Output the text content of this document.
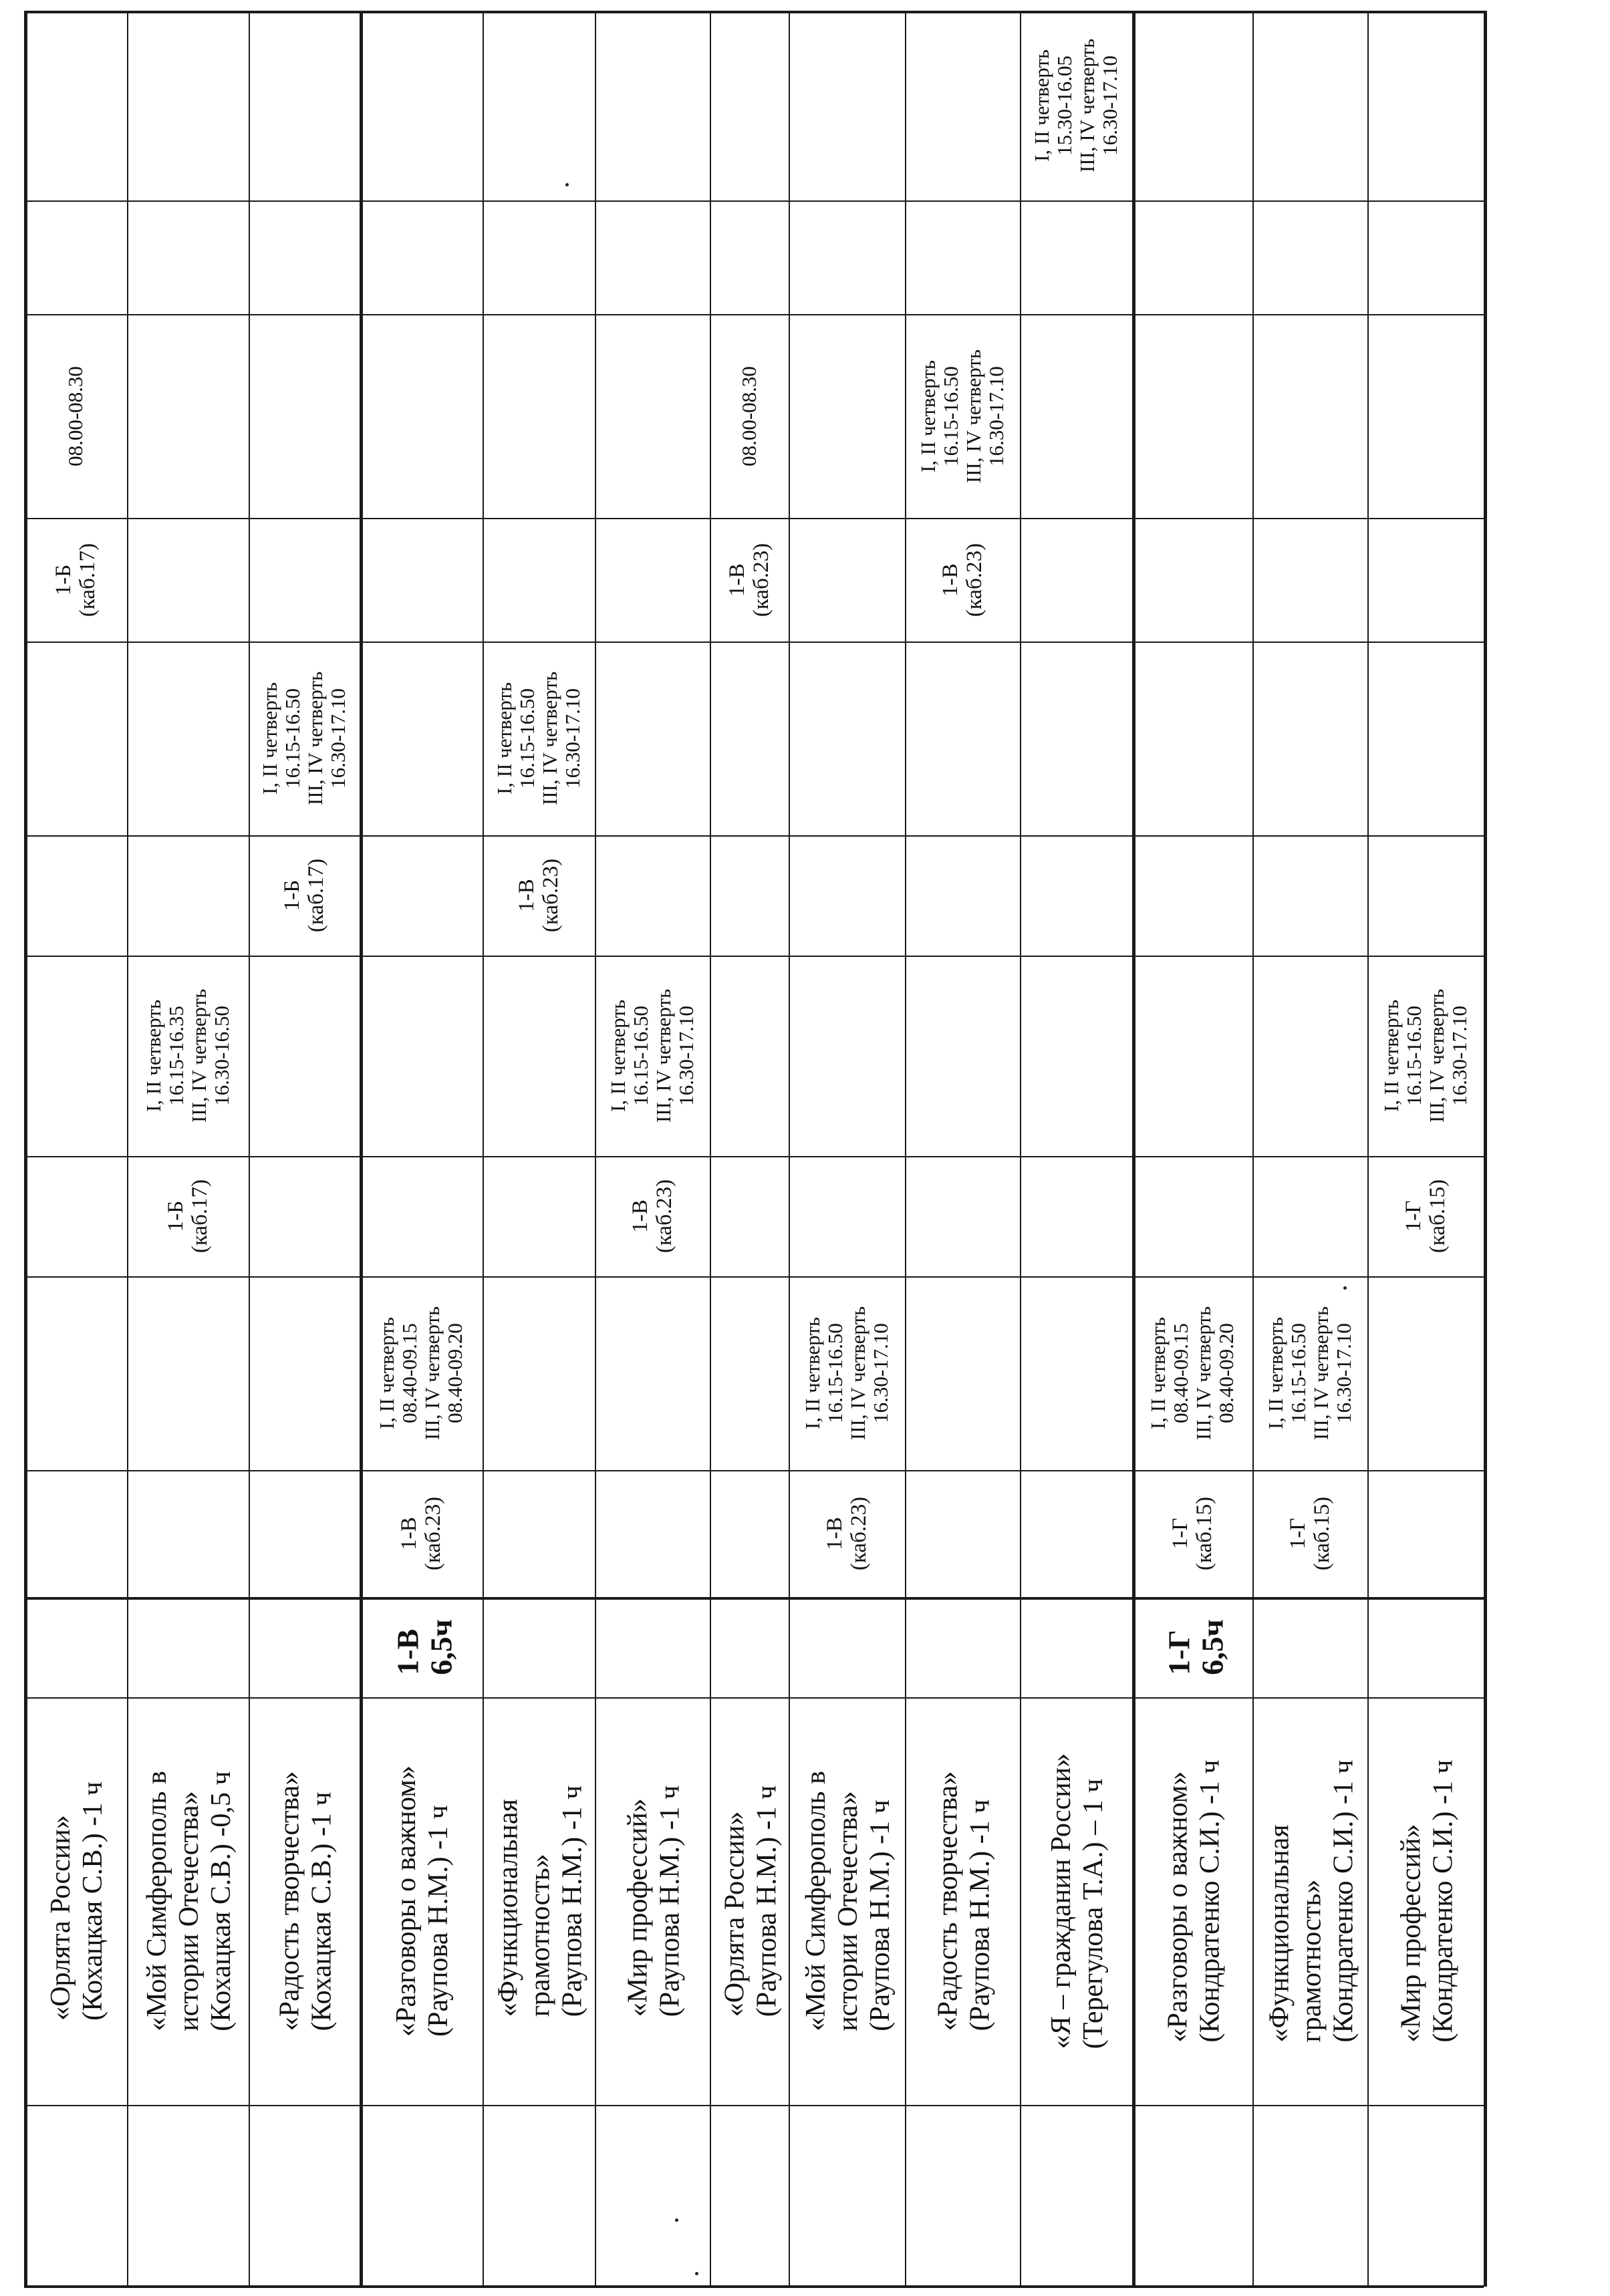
«Орлята России» (Кохацкая С.В.) -1 ч «Мой Симферополь в истории Отечества» (Кохацкая С.В.) -0,5 ч
1-Б (каб.17)
I, II четверть 16.15-16.35 III, IV четверть 16.30-16.50
«Радость творчества» (Кохацкая С.В.) -1 ч
1-Б (каб.17)
I, II четверть 16.15-16.50 III, IV четверть 16.30-17.10
1-В 6,5ч
«Разговоры о важном» (Раупова Н.М.) -1 ч
1-В (каб.23)
I, II четверть 08.40-09.15 III, IV четверть 08.40-09.20
«Функциональная грамотность» (Раупова Н.М.) -1 ч
1-В (каб.23)
I, II четверть 16.15-16.50 III, IV четверть 16.30-17.10
«Мир профессий» (Раупова Н.М.) -1 ч
1-В (каб.23)
I, II четверть 16.15-16.50 III, IV четверть 16.30-17.10
«Орлята России» (Раупова Н.М.) -1 ч
1-В (каб.23)
08.00-08.30
«Мой Симферополь в истории Отечества» (Раупова Н.М.) -1 ч
1-В (каб.23)
I, II четверть 16.15-16.50 III, IV четверть 16.30-17.10
«Радость творчества» (Раупова Н.М.) -1 ч
1-В (каб.23)
I, II четверть 16.15-16.50 III, IV четверть 16.30-17.10
«Я – гражданин России» (Терегулова Т.А.) – 1 ч
1-Г 6,5ч
«Разговоры о важном» (Кондратенко С.И.) -1 ч
1-Г (каб.15)
I, II четверть 08.40-09.15 III, IV четверть 08.40-09.20
«Функциональная грамотность» (Кондратенко С.И.) -1 ч
1-Г (каб.15)
I, II четверть 16.15-16.50 III, IV четверть 16.30-17.10
«Мир профессий» (Кондратенко С.И.) -1 ч
1-Г (каб.15)
I, II четверть 16.15-16.50 III, IV четверть 16.30-17.10
1-Б (каб.17)
08.00-08.30
I, II четверть 15.30-16.05 III, IV четверть 16.30-17.10
